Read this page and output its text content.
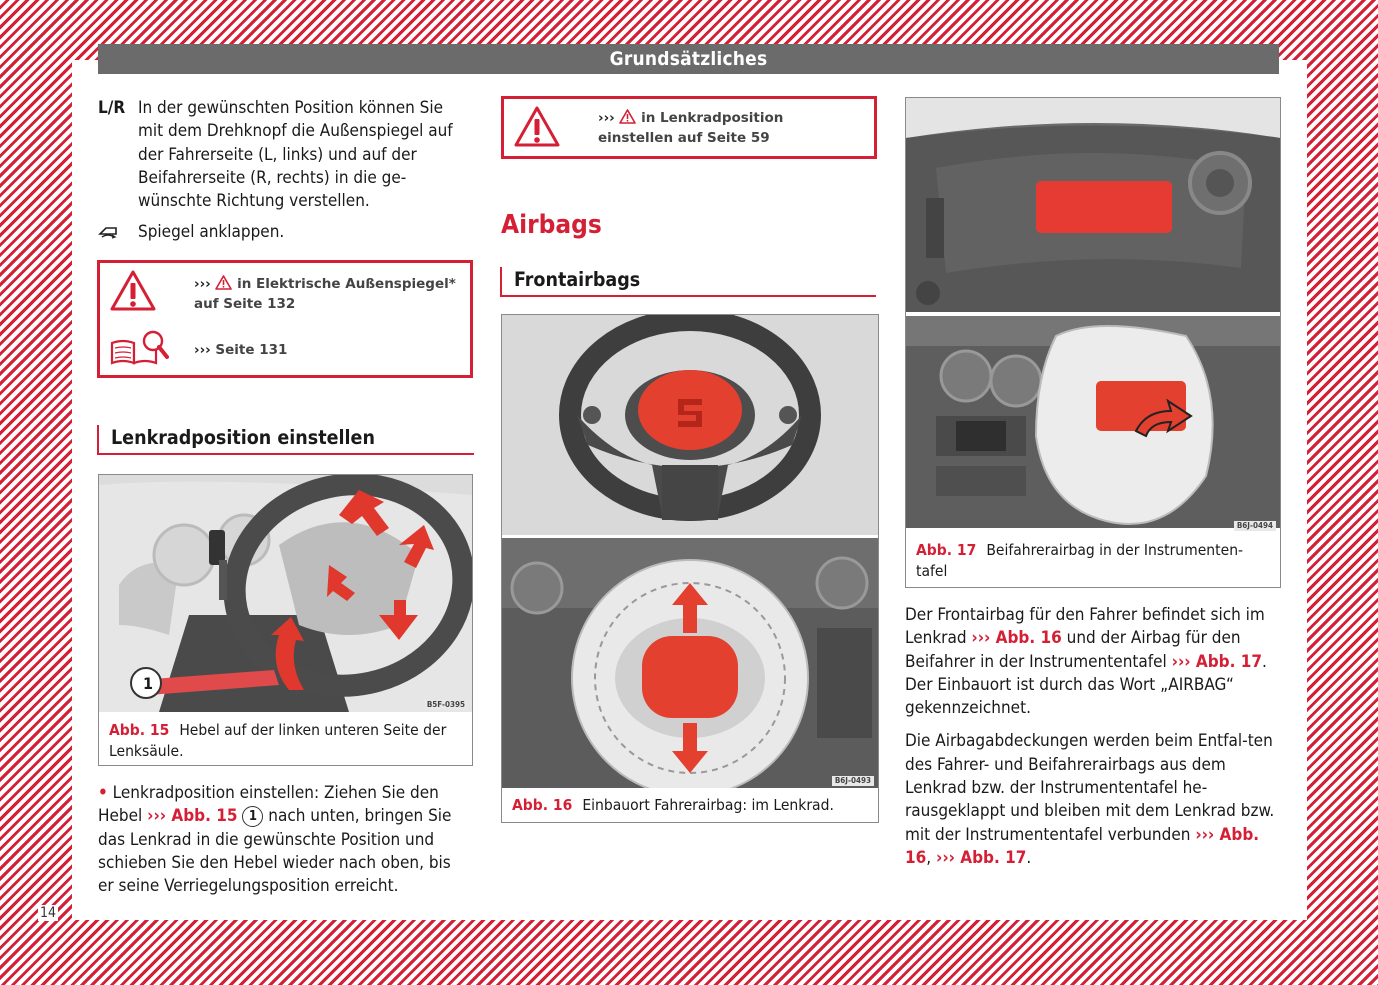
Grundsätzliches
L/R In der gewünschten Position können Sie mit dem Drehknopf die Außenspiegel auf der Fahrerseite (L, links) und auf der Beifahrerseite (R, rechts) in die ge-wünschte Richtung verstellen.

Spiegel anklappen.

››› in Elektrische Außenspiegel* auf Seite 132
››› Seite 131
Lenkradposition einstellen
1
B5F-0395
Abb. 15 Hebel auf der linken unteren Seite der Lenksäule.

• Lenkradposition einstellen: Ziehen Sie den Hebel ››› Abb. 15 1 nach unten, bringen Sie das Lenkrad in die gewünschte Position und schieben Sie den Hebel wieder nach oben, bis er seine Verriegelungsposition erreicht.

››› in Lenkradposition einstellen auf Seite 59
Airbags
Frontairbags
B6J-0493
Abb. 16 Einbauort Fahrerairbag: im Lenkrad.
B6J-0494
Abb. 17 Beifahrerairbag in der Instrumenten-tafel

Der Frontairbag für den Fahrer befindet sich im Lenkrad ››› Abb. 16 und der Airbag für den Beifahrer in der Instrumententafel ››› Abb. 17. Der Einbauort ist durch das Wort „AIRBAG“ gekennzeichnet.

Die Airbagabdeckungen werden beim Entfal-ten des Fahrer- und Beifahrerairbags aus dem Lenkrad bzw. der Instrumententafel he-rausgeklappt und bleiben mit dem Lenkrad bzw. mit der Instrumententafel verbunden ››› Abb. 16, ››› Abb. 17.

14
